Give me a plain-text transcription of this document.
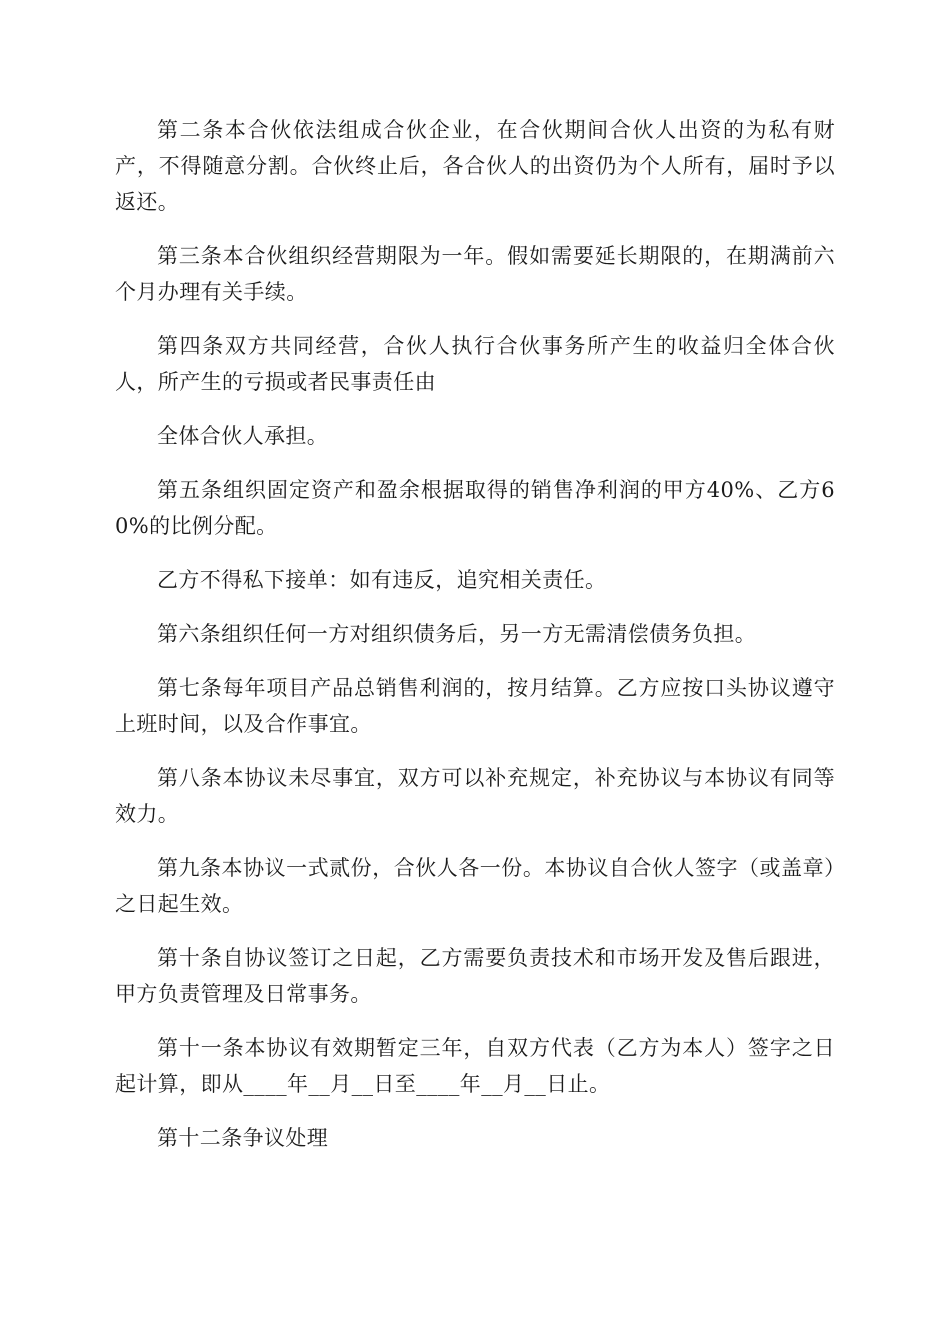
第二条本合伙依法组成合伙企业，在合伙期间合伙人出资的为私有财产，不得随意分割。合伙终止后，各合伙人的出资仍为个人所有，届时予以返还。

第三条本合伙组织经营期限为一年。假如需要延长期限的，在期满前六个月办理有关手续。

第四条双方共同经营，合伙人执行合伙事务所产生的收益归全体合伙人，所产生的亏损或者民事责任由

全体合伙人承担。

第五条组织固定资产和盈余根据取得的销售净利润的甲方40%、乙方60%的比例分配。

乙方不得私下接单：如有违反，追究相关责任。

第六条组织任何一方对组织债务后，另一方无需清偿债务负担。

第七条每年项目产品总销售利润的，按月结算。乙方应按口头协议遵守上班时间，以及合作事宜。

第八条本协议未尽事宜，双方可以补充规定，补充协议与本协议有同等效力。

第九条本协议一式贰份，合伙人各一份。本协议自合伙人签字（或盖章）之日起生效。

第十条自协议签订之日起，乙方需要负责技术和市场开发及售后跟进，甲方负责管理及日常事务。

第十一条本协议有效期暂定三年，自双方代表（乙方为本人）签字之日起计算，即从____年__月__日至____年__月__日止。

第十二条争议处理
